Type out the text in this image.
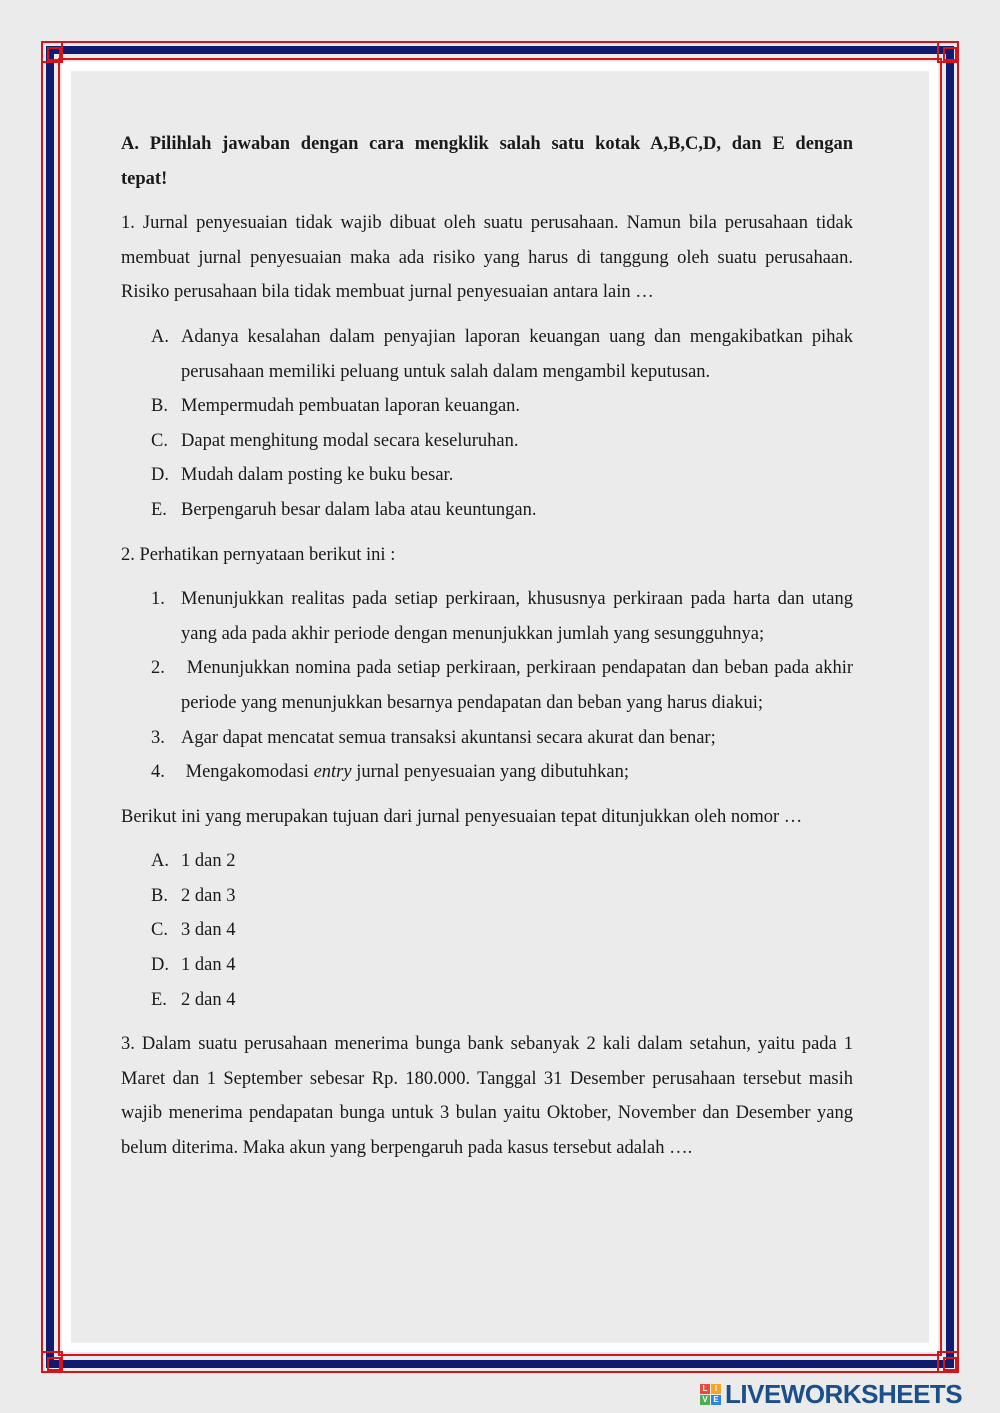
A. Pilihlah jawaban dengan cara mengklik salah satu kotak A,B,C,D, dan E dengan

tepat!

1. Jurnal penyesuaian tidak wajib dibuat oleh suatu perusahaan. Namun bila perusahaan tidak membuat jurnal penyesuaian maka ada risiko yang harus di tanggung oleh suatu perusahaan. Risiko perusahaan bila tidak membuat jurnal penyesuaian antara lain …

A. Adanya kesalahan dalam penyajian laporan keuangan uang dan mengakibatkan pihak perusahaan memiliki peluang untuk salah dalam mengambil keputusan.
B. Mempermudah pembuatan laporan keuangan.
C. Dapat menghitung modal secara keseluruhan.
D. Mudah dalam posting ke buku besar.
E. Berpengaruh besar dalam laba atau keuntungan.

2. Perhatikan pernyataan berikut ini :

1. Menunjukkan realitas pada setiap perkiraan, khususnya perkiraan pada harta dan utang yang ada pada akhir periode dengan menunjukkan jumlah yang sesungguhnya;
2. Menunjukkan nomina pada setiap perkiraan, perkiraan pendapatan dan beban pada akhir periode yang menunjukkan besarnya pendapatan dan beban yang harus diakui;
3. Agar dapat mencatat semua transaksi akuntansi secara akurat dan benar;
4. Mengakomodasi entry jurnal penyesuaian yang dibutuhkan;

Berikut ini yang merupakan tujuan dari jurnal penyesuaian tepat ditunjukkan oleh nomor …

A. 1 dan 2
B. 2 dan 3
C. 3 dan 4
D. 1 dan 4
E. 2 dan 4

3. Dalam suatu perusahaan menerima bunga bank sebanyak 2 kali dalam setahun, yaitu pada 1 Maret dan 1 September sebesar Rp. 180.000. Tanggal 31 Desember perusahaan tersebut masih wajib menerima pendapatan bunga untuk 3 bulan yaitu Oktober, November dan Desember yang belum diterima. Maka akun yang berpengaruh pada kasus tersebut adalah ….

L I
V E LIVEWORKSHEETS
